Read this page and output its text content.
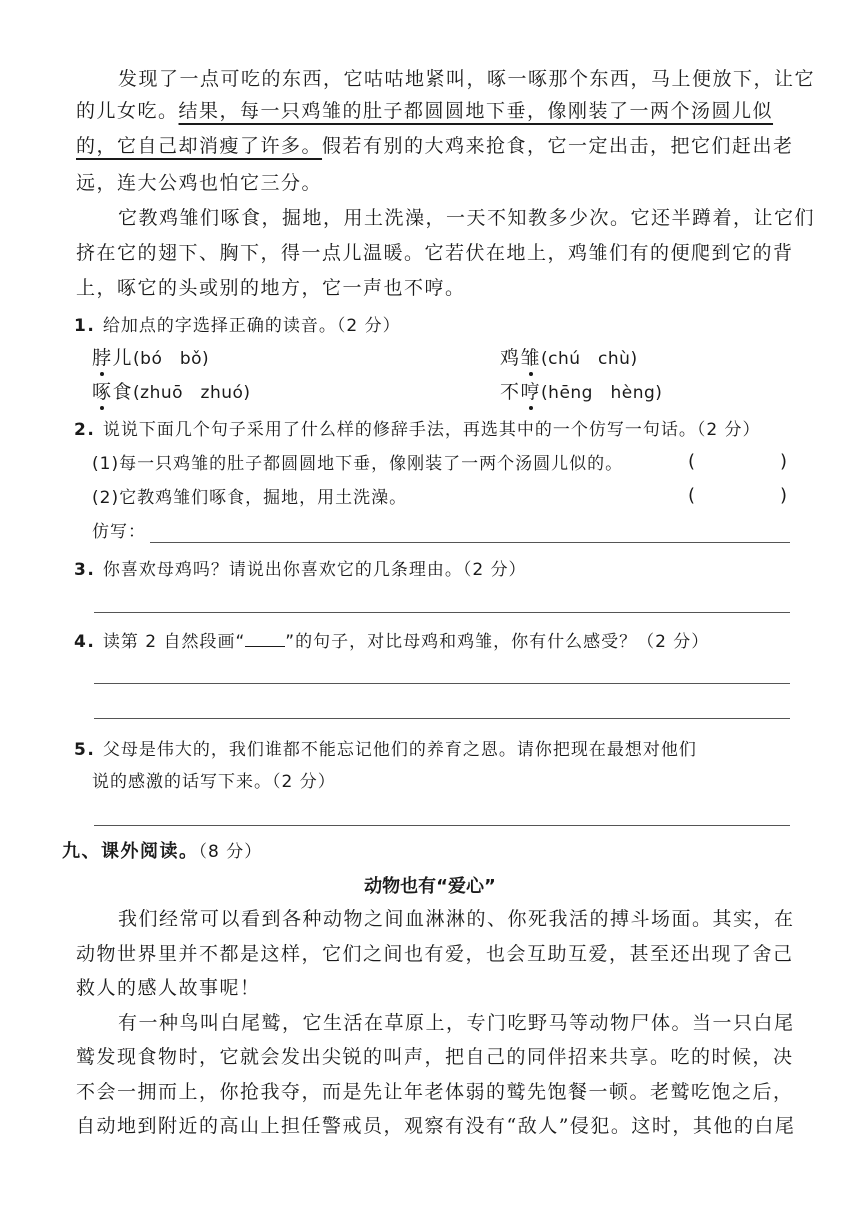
发现了一点可吃的东西，它咕咕地紧叫，啄一啄那个东西，马上便放下，让它
的儿女吃。结果，每一只鸡雏的肚子都圆圆地下垂，像刚装了一两个汤圆儿似
的，它自己却消瘦了许多。假若有别的大鸡来抢食，它一定出击，把它们赶出老
远，连大公鸡也怕它三分。
它教鸡雏们啄食，掘地，用土洗澡，一天不知教多少次。它还半蹲着，让它们
挤在它的翅下、胸下，得一点儿温暖。它若伏在地上，鸡雏们有的便爬到它的背
上，啄它的头或别的地方，它一声也不哼。
1. 给加点的字选择正确的读音。（2 分）
脖儿(bó　bǒ)	鸡雏(chú　chù)
啄食(zhuō　zhuó)	不哼(hēng　hèng)
2. 说说下面几个句子采用了什么样的修辞手法，再选其中的一个仿写一句话。（2 分）
(1)每一只鸡雏的肚子都圆圆地下垂，像刚装了一两个汤圆儿似的。	(	)
(2)它教鸡雏们啄食，掘地，用土洗澡。	(	)
仿写：
3. 你喜欢母鸡吗？请说出你喜欢它的几条理由。（2 分）
4. 读第 2 自然段画“ ”的句子，对比母鸡和鸡雏，你有什么感受？（2 分）
5. 父母是伟大的，我们谁都不能忘记他们的养育之恩。请你把现在最想对他们
说的感激的话写下来。（2 分）
九、课外阅读。（8 分）
动物也有“爱心”
我们经常可以看到各种动物之间血淋淋的、你死我活的搏斗场面。其实，在
动物世界里并不都是这样，它们之间也有爱，也会互助互爱，甚至还出现了舍己
救人的感人故事呢！
有一种鸟叫白尾鹫，它生活在草原上，专门吃野马等动物尸体。当一只白尾
鹫发现食物时，它就会发出尖锐的叫声，把自己的同伴招来共享。吃的时候，决
不会一拥而上，你抢我夺，而是先让年老体弱的鹫先饱餐一顿。老鹫吃饱之后，
自动地到附近的高山上担任警戒员，观察有没有“敌人”侵犯。这时，其他的白尾
